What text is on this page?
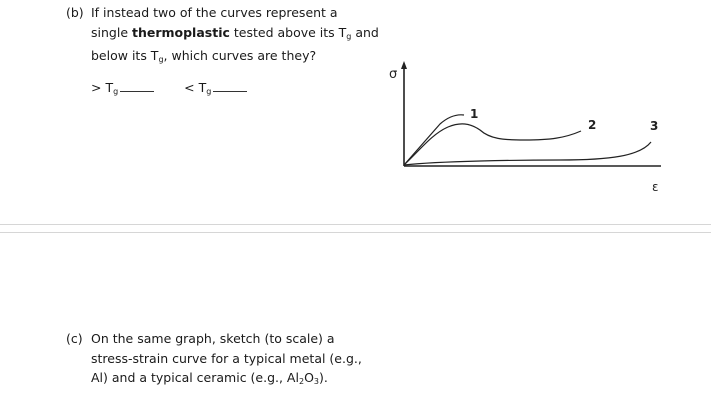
(b) If instead two of the curves represent a
single thermoplastic tested above its $T_g$ and
below its $T_g$, which curves are they?
> $T_g$	< $T_g$
σ
ε
1
2	3
(c) On the same graph, sketch (to scale) a
stress-strain curve for a typical metal (e.g.,
Al) and a typical ceramic (e.g., $Al_2O_3$).
